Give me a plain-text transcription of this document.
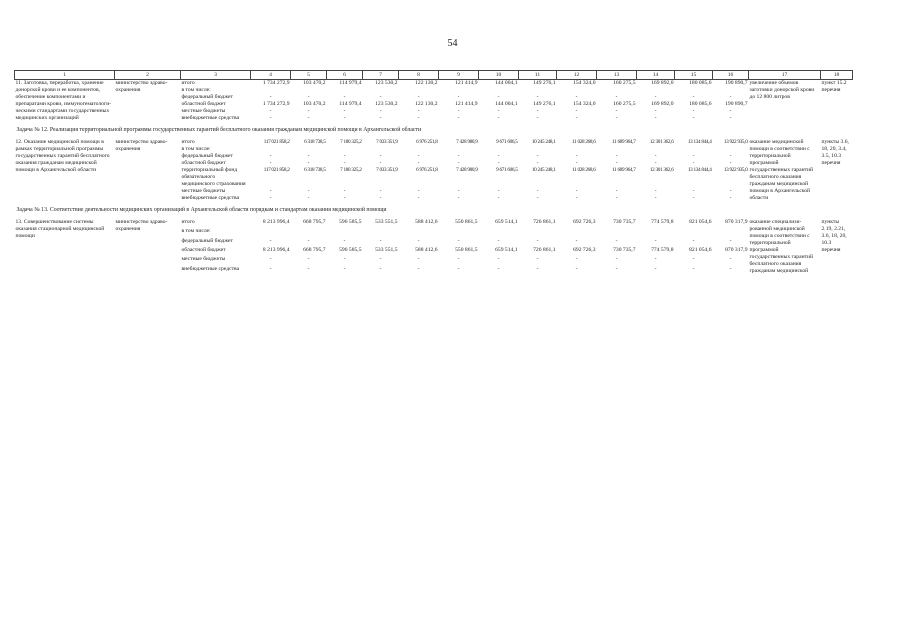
54
1	2	3	4	5	6	7	8	9	10	11	12	13	14	15	16	17	18
11. Заготовка, переработка, хранение донорской крови и ее компонентов, обеспечение компонентами и препаратами крови, иммуногематологи-ческими стандартами государственных медицинских организаций	министерство здраво-охранения	итого	1 734 272,9	103 470,2	114 979,4	123 530,2	122 130,2	121 414,9	144 004,1	149 276,1	154 324,0	160 275,5	169 892,0	180 085,6	190 890,7	увеличение объемов заготовки донорской крови до 12 800 литров	пункт 15.2 перечня
		в том числе:															
		федеральный бюджет	-	-	-	-	-	-	-	-	-	-	-	-	-		
		областной бюджет	1 734 272,9	103 470,2	114 979,4	123 530,2	122 130,2	121 414,9	144 004,1	149 276,1	154 324,0	160 275,5	169 892,0	180 085,6	190 890,7		
		местные бюджеты	-	-	-	-	-	-	-	-	-	-	-	-	-		
		внебюджетные средства	-	-	-	-	-	-	-	-	-	-	-	-	-		
Задача № 12. Реализация территориальной программы государственных гарантий бесплатного оказания гражданам медицинской помощи в Архангельской области																	
12. Оказание медицинской помощи в рамках территориальной программы государственных гарантий бесплатного оказания гражданам медицинской помощи в Архангельской области	министерство здраво-охранения	итого	117 021 858,2	6 318 738,5	7 180 325,2	7 033 351,9	6 976 251,8	7 428 980,9	9 671 606,5	10 245 248,1	11 028 268,6	11 689 964,7	12 301 362,6	13 134 844,4	13 922 935,0	оказание медицинской помощи в соответствии с территориальной программой государственных гарантий бесплатного оказания гражданам медицинской помощи в Архангельской области	пункты 3.6, 18, 20, 3.4, 3.5, 10.3 перечня
		в том числе:															
		федеральный бюджет	-	-	-	-	-	-	-	-	-	-	-	-	-		
		областной бюджет	-	-	-	-	-	-	-	-	-	-	-	-	-		
		территориальный фонд обязательного медицинского страхования	117 021 858,2	6 318 738,5	7 180 325,2	7 033 351,9	6 976 251,8	7 428 980,9	9 671 606,5	10 245 248,1	11 028 268,6	11 689 964,7	12 301 362,6	13 134 844,4	13 922 935,0		
		местные бюджеты	-	-	-	-	-	-	-	-	-	-	-	-	-		
		внебюджетные средства	-	-	-	-	-	-	-	-	-	-	-	-	-		
Задача № 13. Соответствие деятельности медицинских организаций в Архангельской области порядкам и стандартам оказания медицинской помощи																	
13. Совершенствование системы оказания стационарной медицинской помощи	министерство здраво-охранения	итого	8 213 996,4	668 795,7	596 585,5	533 551,5	588 412,6	550 861,5	659 514,1	726 861,1	692 726,3	730 735,7	774 579,8	821 054,6	870 317,9	оказание специализи-рованной медицинской помощи в соответствии с территориальной программой государственных гарантий бесплатного оказания гражданам медицинской	пункты 2.19, 2.21, 3.6, 18, 20, 10.3 перечня
		в том числе:															
		федеральный бюджет	-	-	-	-	-	-	-	-	-	-	-	-	-		
		областной бюджет	8 213 996,4	668 795,7	596 585,5	533 551,5	588 412,6	550 861,5	659 514,1	726 861,1	692 726,3	730 735,7	774 579,8	821 054,6	870 317,9		
		местные бюджеты	-	-	-	-	-	-	-	-	-	-	-	-	-		
		внебюджетные средства	-	-	-	-	-	-	-	-	-	-	-	-	-		
